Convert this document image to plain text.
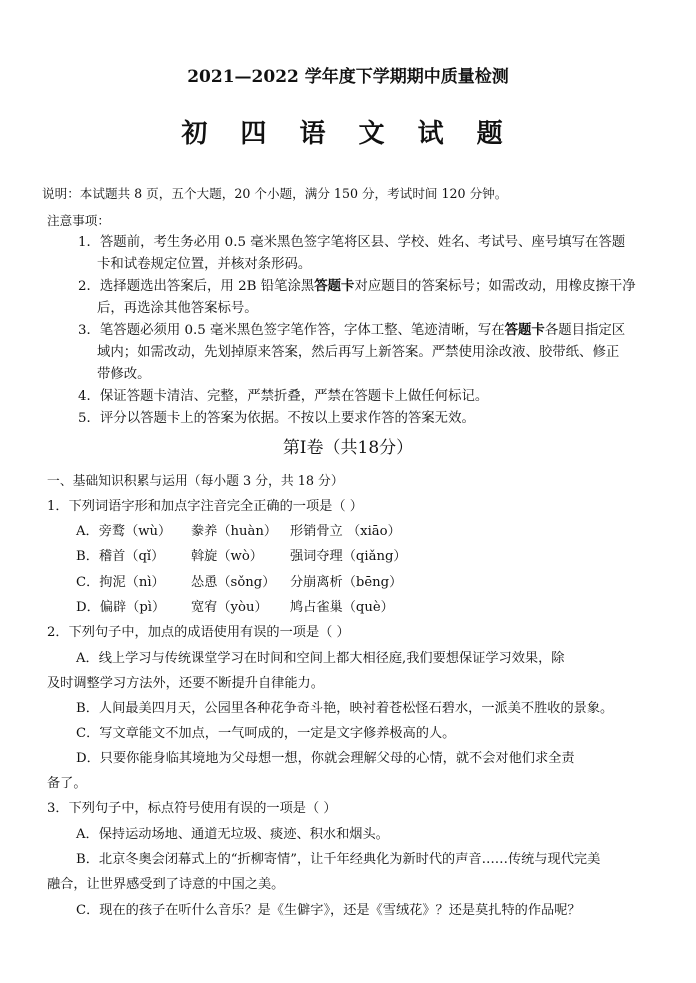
2021—2022 学年度下学期期中质量检测
初 四 语 文 试 题
说明：本试题共 8 页，五个大题，20 个小题，满分 150 分，考试时间 120 分钟。
注意事项：
1．答题前，考生务必用 0.5 毫米黑色签字笔将区县、学校、姓名、考试号、座号填写在答题
卡和试卷规定位置，并核对条形码。
2．选择题选出答案后，用 2B 铅笔涂黑答题卡对应题目的答案标号；如需改动，用橡皮擦干净
后，再选涂其他答案标号。
3．笔答题必须用 0.5 毫米黑色签字笔作答，字体工整、笔迹清晰，写在答题卡各题目指定区
域内；如需改动，先划掉原来答案，然后再写上新答案。严禁使用涂改液、胶带纸、修正
带修改。
4．保证答题卡清洁、完整，严禁折叠，严禁在答题卡上做任何标记。
5．评分以答题卡上的答案为依据。不按以上要求作答的答案无效。
第Ⅰ卷（共18分）
一、基础知识积累与运用（每小题 3 分，共 18 分）
1．下列词语字形和加点字注音完全正确的一项是（ ）
A．旁鹜（wù） 豢养（huàn） 形销骨立 （xiāo）
B．稽首（qǐ） 斡旋（wò） 强词夺理（qiǎng）
C．拘泥（nì） 怂恿（sǒng） 分崩离析（bēng）
D．偏辟（pì） 宽宥（yòu） 鸠占雀巢（què）
2．下列句子中，加点的成语使用有误的一项是（ ）
A．线上学习与传统课堂学习在时间和空间上都大相径庭,我们要想保证学习效果，除
及时调整学习方法外，还要不断提升自律能力。
B．人间最美四月天，公园里各种花争奇斗艳，映衬着苍松怪石碧水，一派美不胜收的景象。
C．写文章能文不加点，一气呵成的，一定是文字修养极高的人。
D．只要你能身临其境地为父母想一想，你就会理解父母的心情，就不会对他们求全责
备了。
3．下列句子中，标点符号使用有误的一项是（ ）
A．保持运动场地、通道无垃圾、痰迹、积水和烟头。
B．北京冬奥会闭幕式上的“折柳寄情”，让千年经典化为新时代的声音……传统与现代完美
融合，让世界感受到了诗意的中国之美。
C．现在的孩子在听什么音乐？是《生僻字》，还是《雪绒花》？还是莫扎特的作品呢？
